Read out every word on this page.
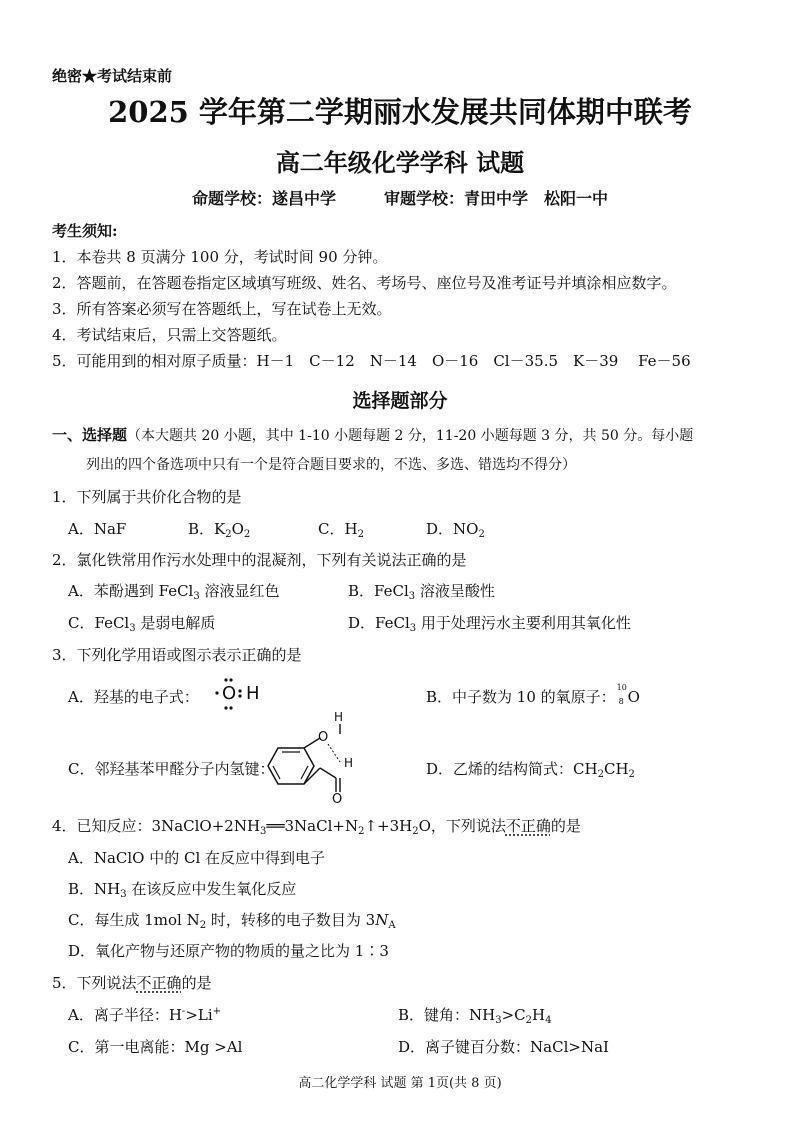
绝密★考试结束前
2025 学年第二学期丽水发展共同体期中联考
高二年级化学学科 试题
命题学校：遂昌中学　　　审题学校：青田中学　松阳一中
考生须知:
1．本卷共 8 页满分 100 分，考试时间 90 分钟。
2．答题前，在答题卷指定区域填写班级、姓名、考场号、座位号及准考证号并填涂相应数字。
3．所有答案必须写在答题纸上，写在试卷上无效。
4．考试结束后，只需上交答题纸。
5．可能用到的相对原子质量：H－1　C－12　N－14　O－16　Cl－35.5　K－39　 Fe－56
选择题部分
一、选择题（本大题共 20 小题，其中 1-10 小题每题 2 分，11-20 小题每题 3 分，共 50 分。每小题
列出的四个备选项中只有一个是符合题目要求的，不选、多选、错选均不得分）
1．下列属于共价化合物的是
A．NaF	B．$K_2O_2$	C．$H_2$	D．$NO_2$
2．氯化铁常用作污水处理中的混凝剂，下列有关说法正确的是
A．苯酚遇到 FeCl$_3$ 溶液显红色	B．FeCl$_3$ 溶液呈酸性
C．FeCl$_3$ 是弱电解质	D．FeCl$_3$ 用于处理污水主要利用其氧化性
3．下列化学用语或图示表示正确的是
A．羟基的电子式： O H	B．中子数为 10 的氧原子：
10
8 O
C．邻羟基苯甲醛分子内氢键：
H
O
H
O
D．乙烯的结构简式：$CH_2CH_2$
4．已知反应：$3NaClO+2NH_3══3NaCl+N_2↑+3H_2O$，下列说法不正确的是
A．NaClO 中的 Cl 在反应中得到电子
B．$NH_3$ 在该反应中发生氧化反应
C．每生成 1mol $N_2$ 时，转移的电子数目为 $3N_A$
D．氧化产物与还原产物的物质的量之比为 1∶3
5．下列说法不正确的是
A．离子半径：H->Li+	B．键角：$NH_3>C_2H_4$
C．第一电离能：Mg >Al	D．离子键百分数：NaCl>NaI
高二化学学科 试题 第 1页(共 8 页)
